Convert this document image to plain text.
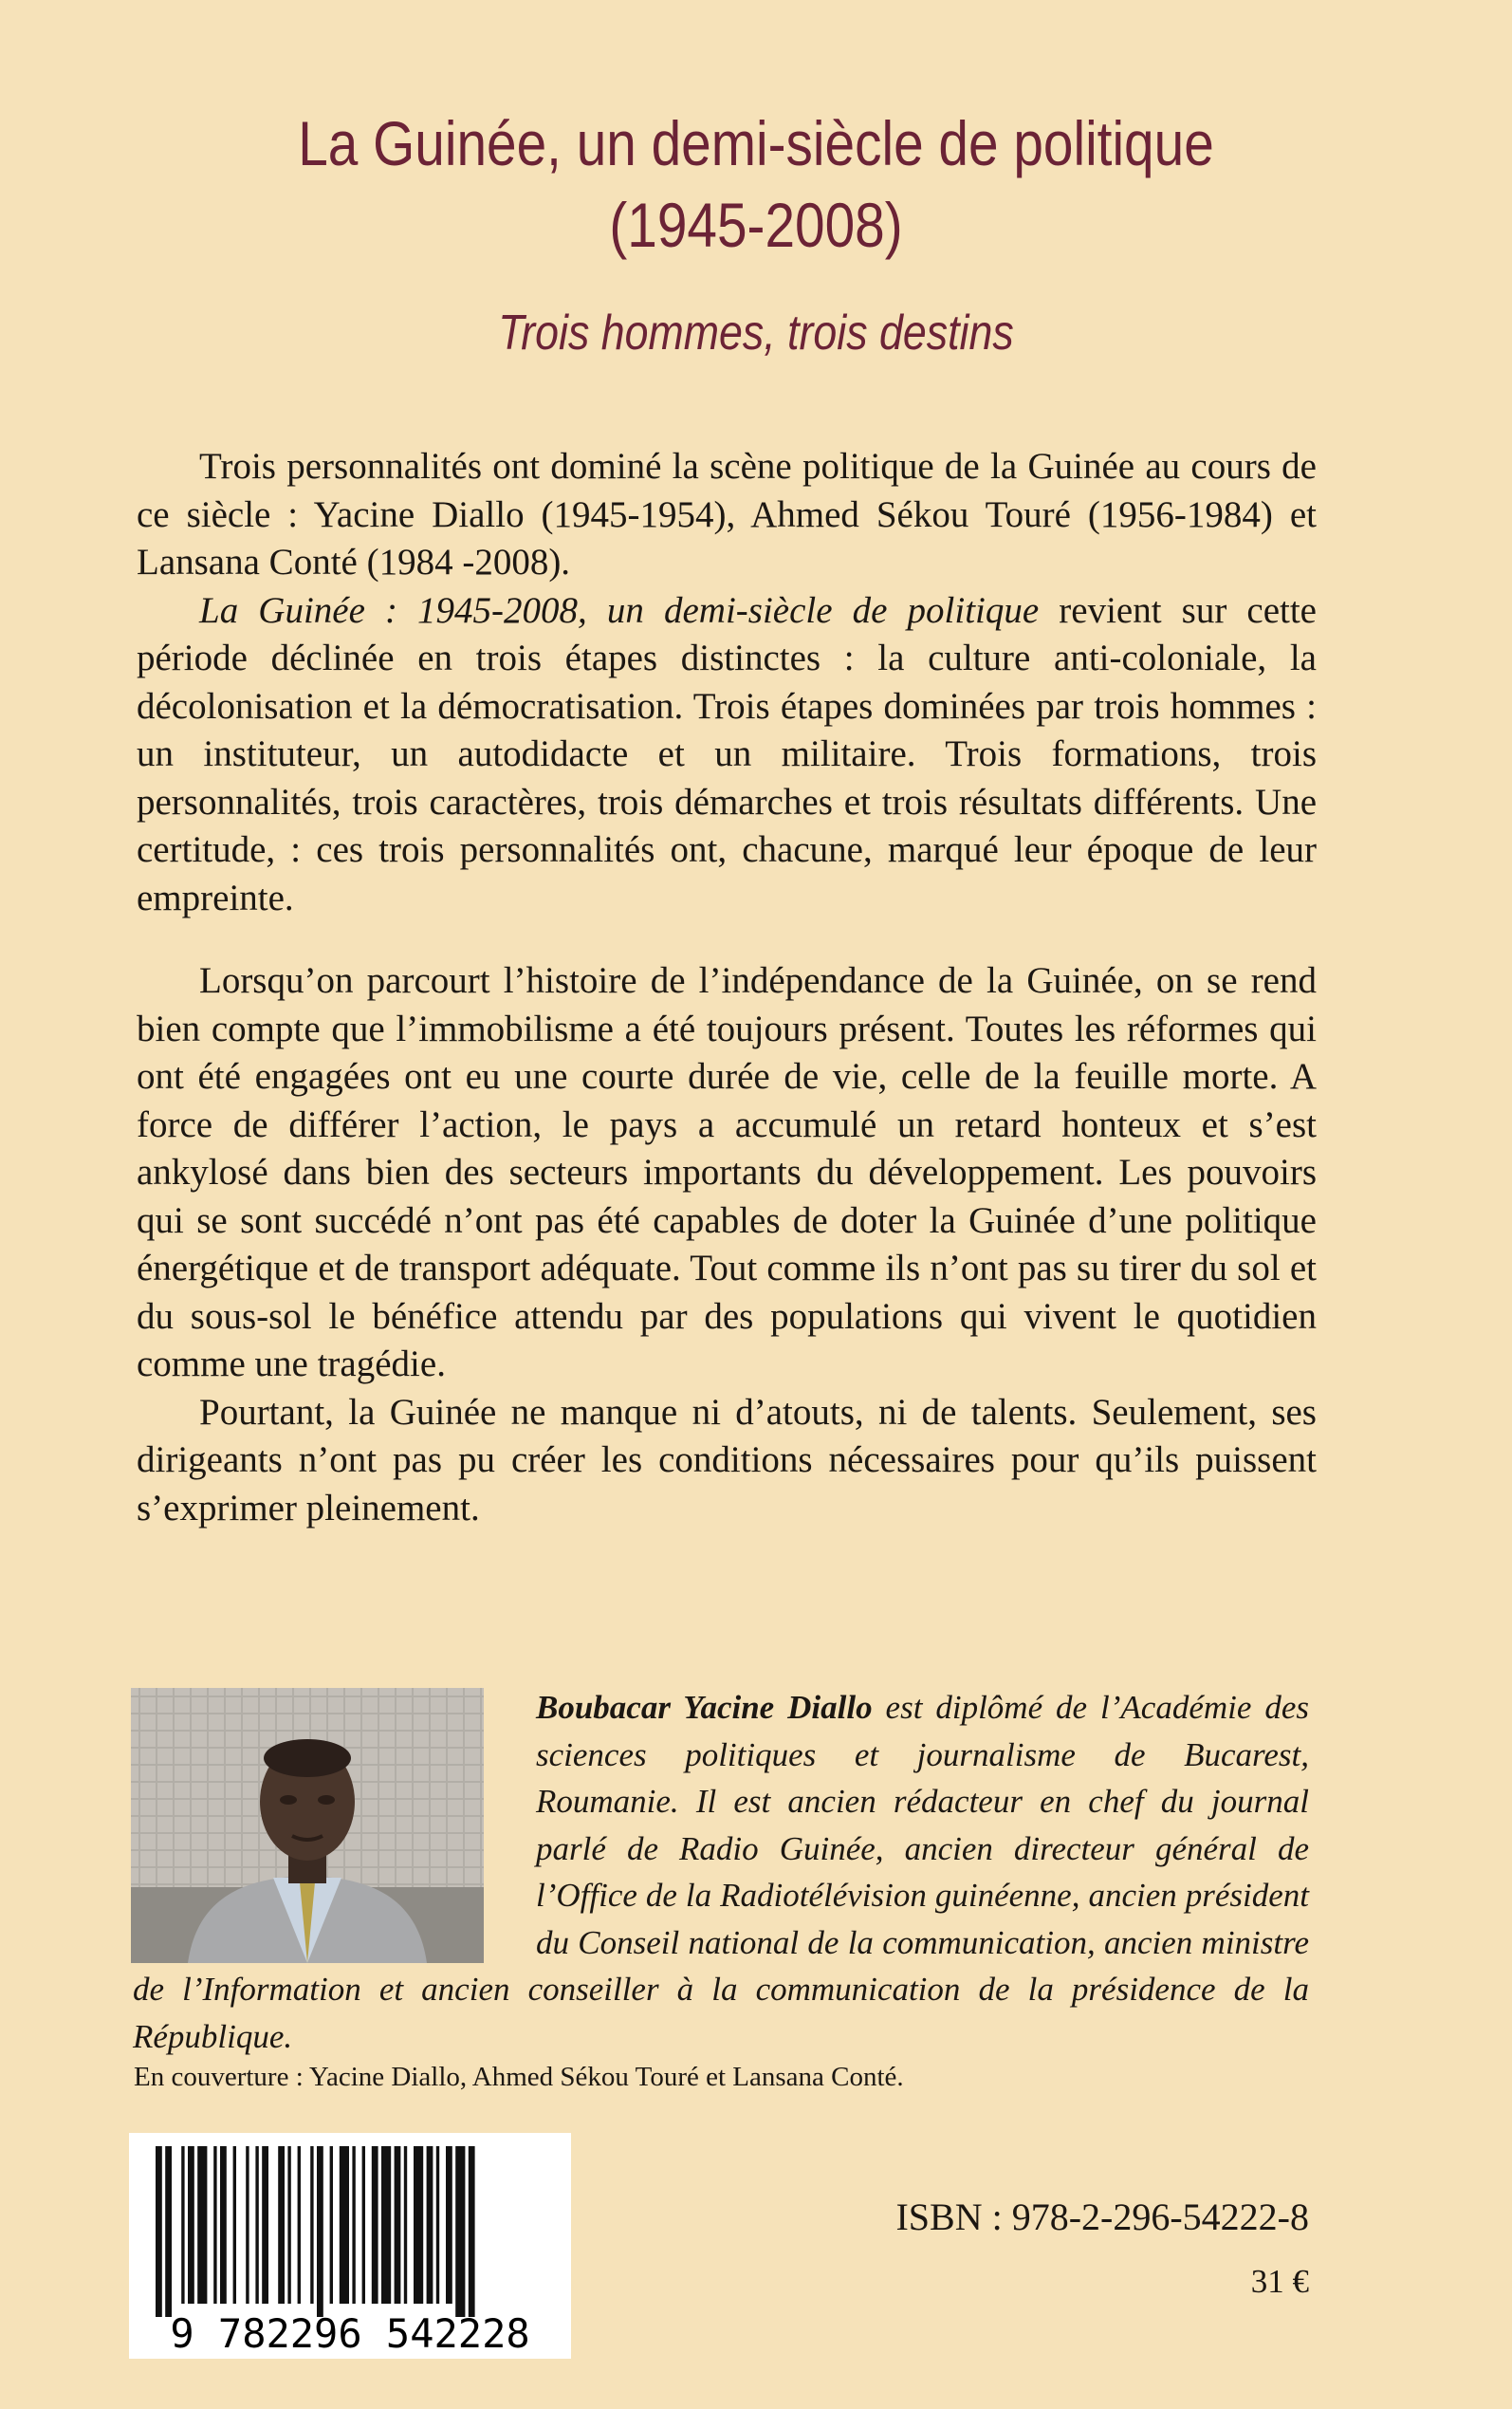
La Guinée, un demi-siècle de politique
(1945-2008)
Trois hommes, trois destins

Trois personnalités ont dominé la scène politique de la Guinée au cours de ce siècle : Yacine Diallo (1945-1954), Ahmed Sékou Touré (1956-1984) et Lansana Conté (1984 -2008).

La Guinée : 1945-2008, un demi-siècle de politique revient sur cette période déclinée en trois étapes distinctes : la culture anti-coloniale, la décolonisation et la démocratisation. Trois étapes dominées par trois hommes : un instituteur, un autodidacte et un militaire. Trois formations, trois personnalités, trois caractères, trois démarches et trois résultats différents. Une certitude, : ces trois personnalités ont, chacune, marqué leur époque de leur empreinte.

Lorsqu’on parcourt l’histoire de l’indépendance de la Guinée, on se rend bien compte que l’immobilisme a été toujours présent. Toutes les réformes qui ont été engagées ont eu une courte durée de vie, celle de la feuille morte. A force de différer l’action, le pays a accumulé un retard honteux et s’est ankylosé dans bien des secteurs importants du développement. Les pouvoirs qui se sont succédé n’ont pas été capables de doter la Guinée d’une politique énergétique et de transport adéquate. Tout comme ils n’ont pas su tirer du sol et du sous-sol le bénéfice attendu par des populations qui vivent le quotidien comme une tragédie.

Pourtant, la Guinée ne manque ni d’atouts, ni de talents. Seulement, ses dirigeants n’ont pas pu créer les conditions nécessaires pour qu’ils puissent s’exprimer pleinement.

Boubacar Yacine Diallo est diplômé de l’Académie des sciences politiques et journalisme de Bucarest, Roumanie. Il est ancien rédacteur en chef du journal parlé de Radio Guinée, ancien directeur général de l’Office de la Radiotélévision guinéenne, ancien président du Conseil national de la communication, ancien ministre de l’Information et ancien conseiller à la communication de la présidence de la République.
En couverture : Yacine Diallo, Ahmed Sékou Touré et Lansana Conté.
9 782296 542228
ISBN : 978-2-296-54222-8
31 €
